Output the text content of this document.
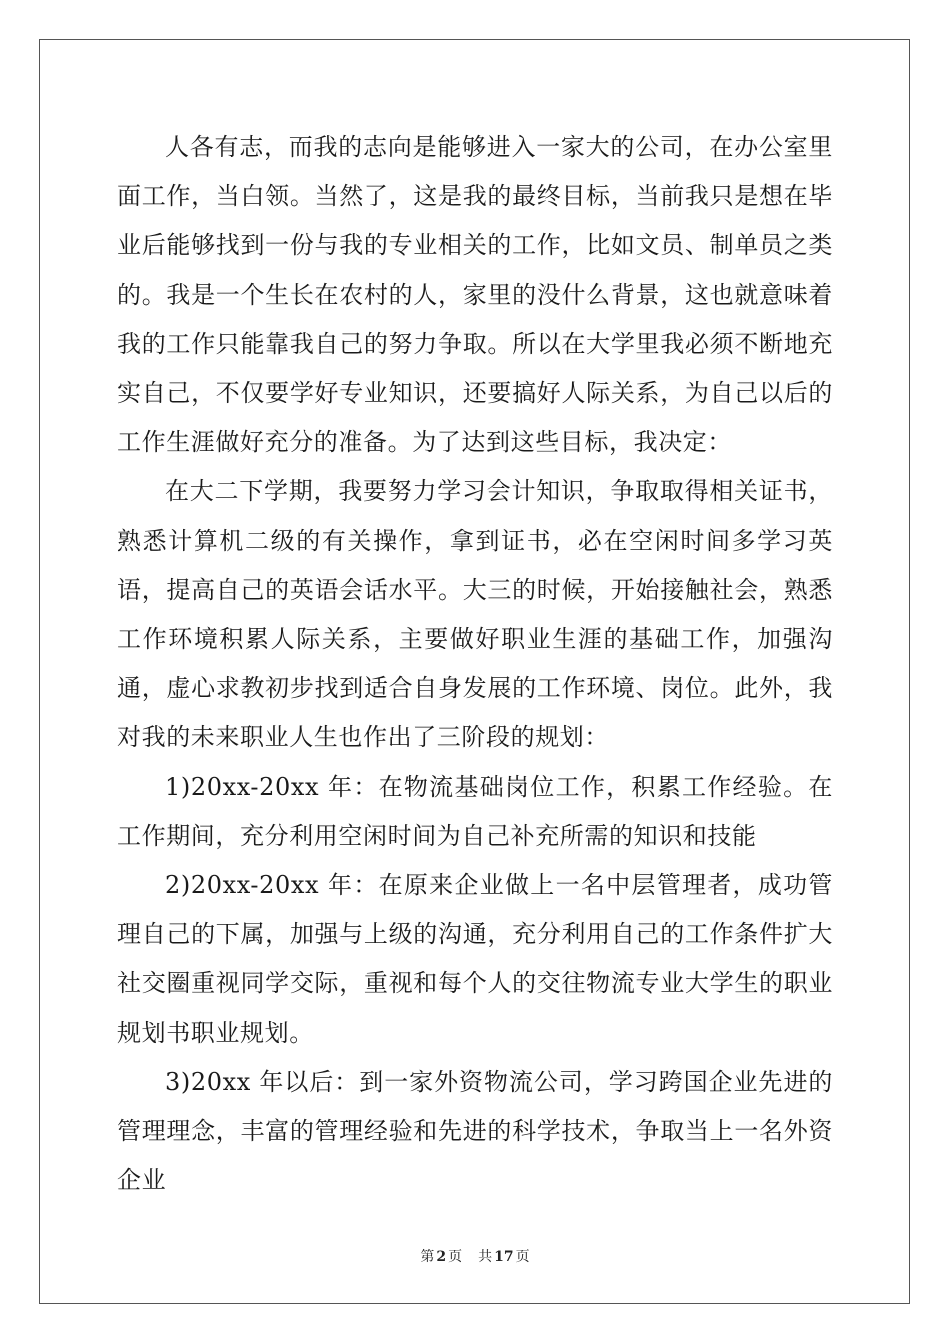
人各有志，而我的志向是能够进入一家大的公司，在办公室里面工作，当白领。当然了，这是我的最终目标，当前我只是想在毕业后能够找到一份与我的专业相关的工作，比如文员、制单员之类的。我是一个生长在农村的人，家里的没什么背景，这也就意味着我的工作只能靠我自己的努力争取。所以在大学里我必须不断地充实自己，不仅要学好专业知识，还要搞好人际关系，为自己以后的工作生涯做好充分的准备。为了达到这些目标，我决定：

在大二下学期，我要努力学习会计知识，争取取得相关证书，熟悉计算机二级的有关操作，拿到证书，必在空闲时间多学习英语，提高自己的英语会话水平。大三的时候，开始接触社会，熟悉工作环境积累人际关系，主要做好职业生涯的基础工作，加强沟通，虚心求教初步找到适合自身发展的工作环境、岗位。此外，我对我的未来职业人生也作出了三阶段的规划：

1)20xx-20xx 年：在物流基础岗位工作，积累工作经验。在工作期间，充分利用空闲时间为自己补充所需的知识和技能

2)20xx-20xx 年：在原来企业做上一名中层管理者，成功管理自己的下属，加强与上级的沟通，充分利用自己的工作条件扩大社交圈重视同学交际，重视和每个人的交往物流专业大学生的职业规划书职业规划。

3)20xx 年以后：到一家外资物流公司，学习跨国企业先进的管理理念，丰富的管理经验和先进的科学技术，争取当上一名外资企业

第 2 页 共 17 页
